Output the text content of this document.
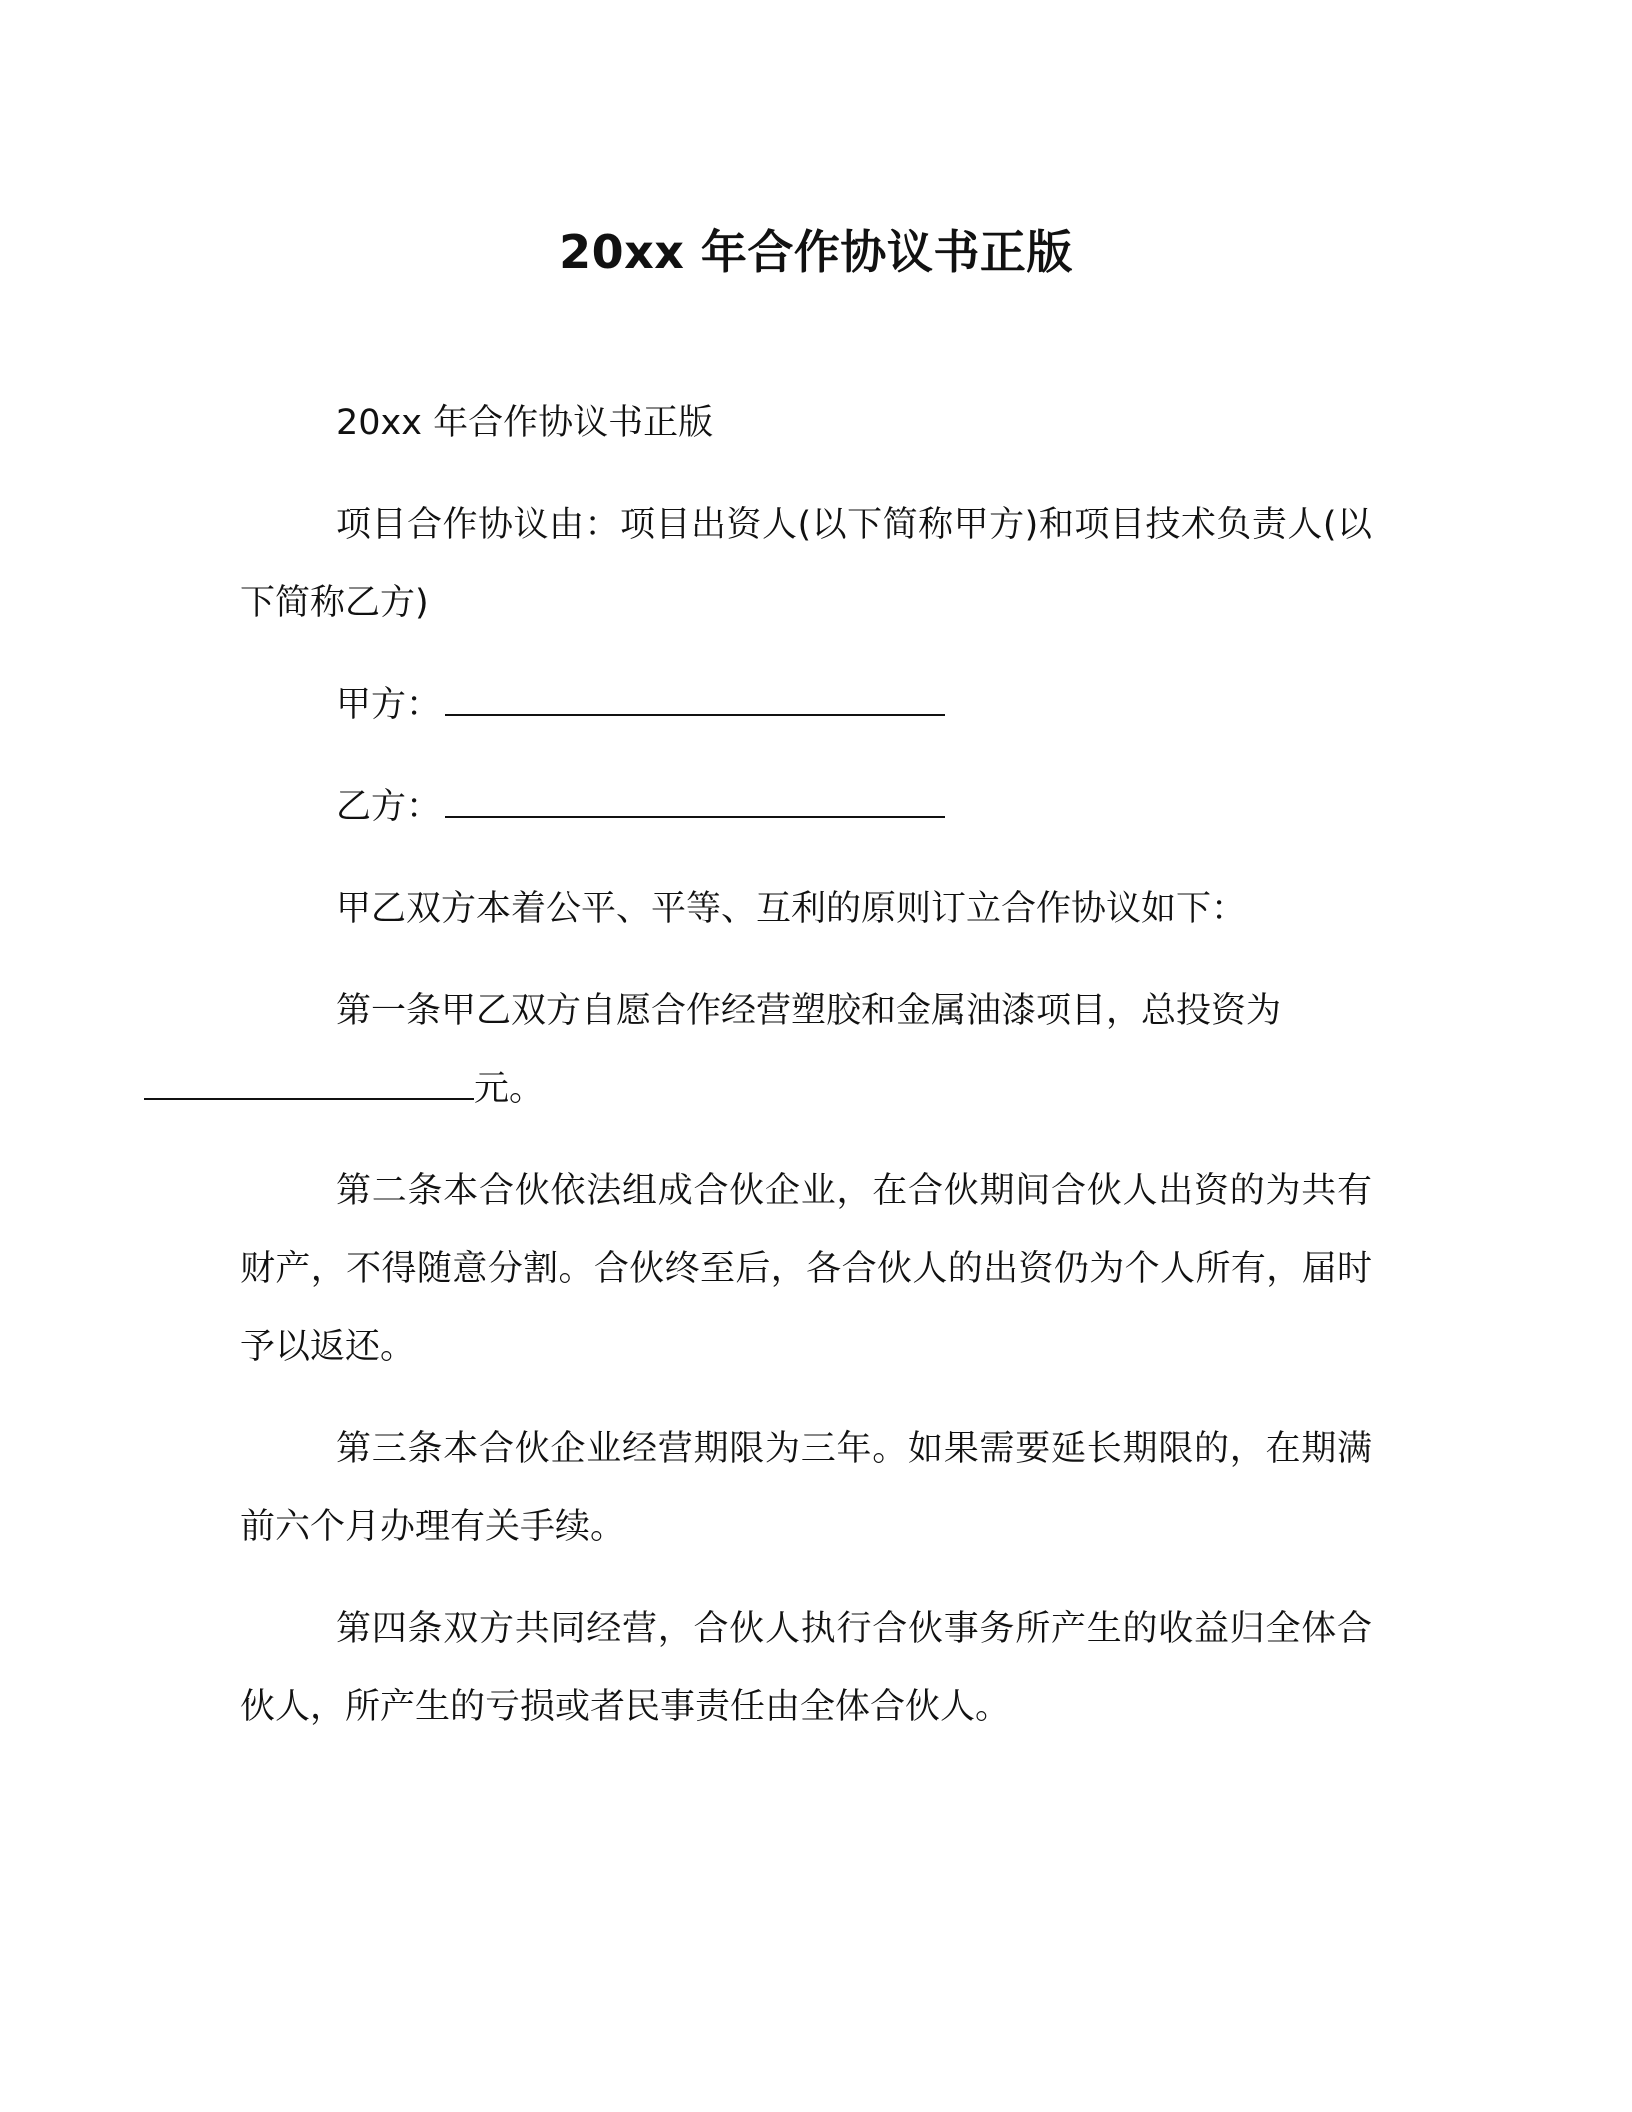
20xx 年合作协议书正版

20xx 年合作协议书正版

项目合作协议由：项目出资人(以下简称甲方)和项目技术负责人(以下简称乙方)

甲方：

乙方：

甲乙双方本着公平、平等、互利的原则订立合作协议如下：

第一条甲乙双方自愿合作经营塑胶和金属油漆项目，总投资为
元。

第二条本合伙依法组成合伙企业，在合伙期间合伙人出资的为共有财产，不得随意分割。合伙终至后，各合伙人的出资仍为个人所有，届时予以返还。

第三条本合伙企业经营期限为三年。如果需要延长期限的，在期满前六个月办理有关手续。

第四条双方共同经营，合伙人执行合伙事务所产生的收益归全体合伙人，所产生的亏损或者民事责任由全体合伙人。
